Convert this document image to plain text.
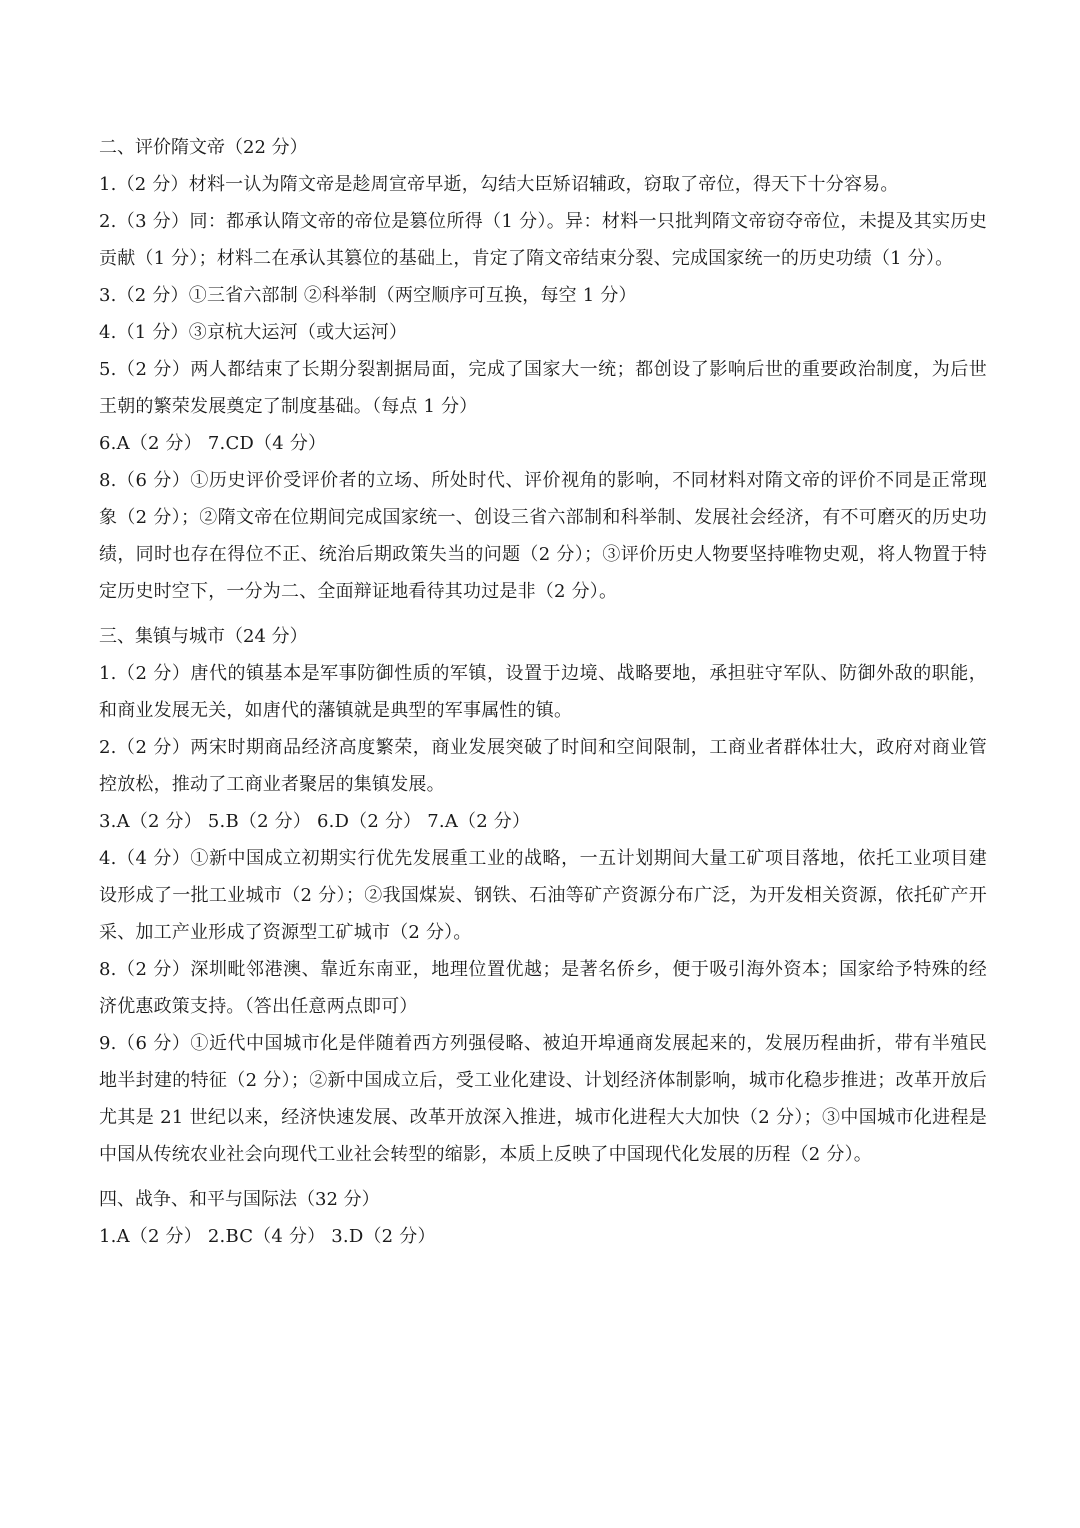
二、评价隋文帝（22 分）

1.（2 分）材料一认为隋文帝是趁周宣帝早逝，勾结大臣矫诏辅政，窃取了帝位，得天下十分容易。

2.（3 分）同：都承认隋文帝的帝位是篡位所得（1 分）。异：材料一只批判隋文帝窃夺帝位，未提及其实历史贡献（1 分）；材料二在承认其篡位的基础上，肯定了隋文帝结束分裂、完成国家统一的历史功绩（1 分）。

3.（2 分）①三省六部制 ②科举制（两空顺序可互换，每空 1 分）

4.（1 分）③京杭大运河（或大运河）

5.（2 分）两人都结束了长期分裂割据局面，完成了国家大一统；都创设了影响后世的重要政治制度，为后世王朝的繁荣发展奠定了制度基础。（每点 1 分）

6.A（2 分） 7.CD（4 分）

8.（6 分）①历史评价受评价者的立场、所处时代、评价视角的影响，不同材料对隋文帝的评价不同是正常现象（2 分）；②隋文帝在位期间完成国家统一、创设三省六部制和科举制、发展社会经济，有不可磨灭的历史功绩，同时也存在得位不正、统治后期政策失当的问题（2 分）；③评价历史人物要坚持唯物史观，将人物置于特定历史时空下，一分为二、全面辩证地看待其功过是非（2 分）。

三、集镇与城市（24 分）

1.（2 分）唐代的镇基本是军事防御性质的军镇，设置于边境、战略要地，承担驻守军队、防御外敌的职能，和商业发展无关，如唐代的藩镇就是典型的军事属性的镇。

2.（2 分）两宋时期商品经济高度繁荣，商业发展突破了时间和空间限制，工商业者群体壮大，政府对商业管控放松，推动了工商业者聚居的集镇发展。

3.A（2 分） 5.B（2 分） 6.D（2 分） 7.A（2 分）

4.（4 分）①新中国成立初期实行优先发展重工业的战略，一五计划期间大量工矿项目落地，依托工业项目建设形成了一批工业城市（2 分）；②我国煤炭、钢铁、石油等矿产资源分布广泛，为开发相关资源，依托矿产开采、加工产业形成了资源型工矿城市（2 分）。

8.（2 分）深圳毗邻港澳、靠近东南亚，地理位置优越；是著名侨乡，便于吸引海外资本；国家给予特殊的经济优惠政策支持。（答出任意两点即可）

9.（6 分）①近代中国城市化是伴随着西方列强侵略、被迫开埠通商发展起来的，发展历程曲折，带有半殖民地半封建的特征（2 分）；②新中国成立后，受工业化建设、计划经济体制影响，城市化稳步推进；改革开放后尤其是 21 世纪以来，经济快速发展、改革开放深入推进，城市化进程大大加快（2 分）；③中国城市化进程是中国从传统农业社会向现代工业社会转型的缩影，本质上反映了中国现代化发展的历程（2 分）。

四、战争、和平与国际法（32 分）

1.A（2 分） 2.BC（4 分） 3.D（2 分）
